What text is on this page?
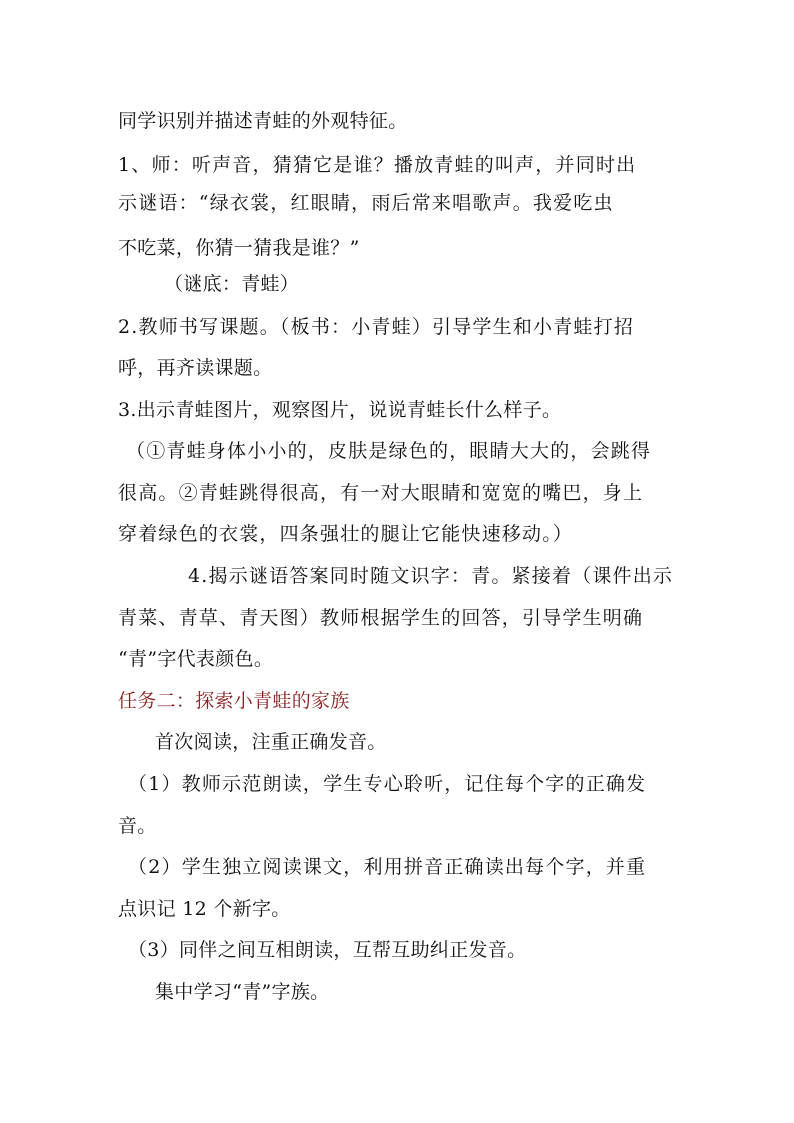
同学识别并描述青蛙的外观特征。
1、师：听声音，猜猜它是谁？播放青蛙的叫声，并同时出
示谜语：“绿衣裳，红眼睛，雨后常来唱歌声。我爱吃虫
不吃菜，你猜一猜我是谁？”
（谜底：青蛙）
2.教师书写课题。（板书：小青蛙）引导学生和小青蛙打招
呼，再齐读课题。
3.出示青蛙图片，观察图片，说说青蛙长什么样子。
（①青蛙身体小小的，皮肤是绿色的，眼睛大大的，会跳得
很高。②青蛙跳得很高，有一对大眼睛和宽宽的嘴巴，身上
穿着绿色的衣裳，四条强壮的腿让它能快速移动。）
4.揭示谜语答案同时随文识字：青。紧接着（课件出示
青菜、青草、青天图）教师根据学生的回答，引导学生明确
“青”字代表颜色。
任务二：探索小青蛙的家族
首次阅读，注重正确发音。
（1）教师示范朗读，学生专心聆听，记住每个字的正确发
音。
（2）学生独立阅读课文，利用拼音正确读出每个字，并重
点识记 12 个新字。
（3）同伴之间互相朗读，互帮互助纠正发音。
集中学习“青”字族。
